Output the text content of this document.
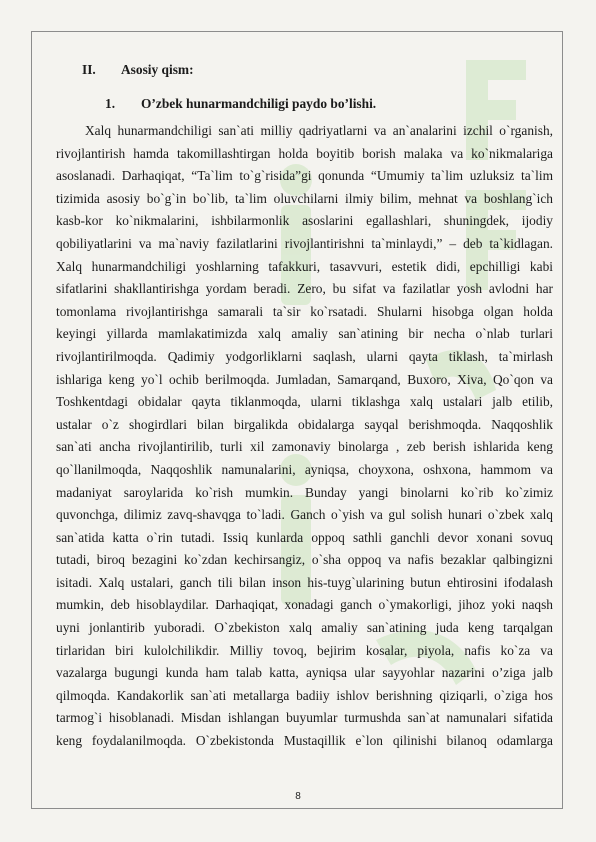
II. Asosiy qism:
1. O’zbek hunarmandchiligi paydo bo’lishi.
Xalq hunarmandchiligi san`ati milliy qadriyatlarni va an`analarini izchil o`rganish,
rivojlantirish hamda takomillashtirgan holda boyitib borish malaka va ko`nikmalariga
asoslanadi. Darhaqiqat, “Ta`lim to`g`risida”gi qonunda “Umumiy ta`lim uzluksiz ta`lim
tizimida asosiy bo`g`in bo`lib, ta`lim oluvchilarni ilmiy bilim, mehnat va boshlang`ich
kasb-kor ko`nikmalarini, ishbilarmonlik asoslarini egallashlari, shuningdek, ijodiy
qobiliyatlarini va ma`naviy fazilatlarini rivojlantirishni ta`minlaydi,” – deb ta`kidlagan.
Xalq hunarmandchiligi yoshlarning tafakkuri, tasavvuri, estetik didi, epchilligi kabi
sifatlarini shakllantirishga yordam beradi. Zero, bu sifat va fazilatlar yosh avlodni har
tomonlama rivojlantirishga samarali ta`sir ko`rsatadi. Shularni hisobga olgan holda
keyingi yillarda mamlakatimizda xalq amaliy san`atining bir necha o`nlab turlari
rivojlantirilmoqda. Qadimiy yodgorliklarni saqlash, ularni qayta tiklash, ta`mirlash
ishlariga keng yo`l ochib berilmoqda. Jumladan, Samarqand, Buxoro, Xiva, Qo`qon va
Toshkentdagi obidalar qayta tiklanmoqda, ularni tiklashga xalq ustalari jalb etilib,
ustalar o`z shogirdlari bilan birgalikda obidalarga sayqal berishmoqda. Naqqoshlik
san`ati ancha rivojlantirilib, turli xil zamonaviy binolarga , zeb berish ishlarida keng
qo`llanilmoqda, Naqqoshlik namunalarini, ayniqsa, choyxona, oshxona, hammom va
madaniyat saroylarida ko`rish mumkin. Bunday yangi binolarni ko`rib ko`zimiz
quvonchga, dilimiz zavq-shavqga to`ladi. Ganch o`yish va gul solish hunari o`zbek xalq
san`atida katta o`rin tutadi. Issiq kunlarda oppoq sathli ganchli devor xonani sovuq
tutadi, biroq bezagini ko`zdan kechirsangiz, o`sha oppoq va nafis bezaklar qalbingizni
isitadi. Xalq ustalari, ganch tili bilan inson his-tuyg`ularining butun ehtirosini ifodalash
mumkin, deb hisoblaydilar. Darhaqiqat, xonadagi ganch o`ymakorligi, jihoz yoki naqsh
uyni jonlantirib yuboradi. O`zbekiston xalq amaliy san`atining juda keng tarqalgan
tirlaridan biri kulolchilikdir. Milliy tovoq, bejirim kosalar, piyola, nafis ko`za va
vazalarga bugungi kunda ham talab katta, ayniqsa ular sayyohlar nazarini o’ziga jalb
qilmoqda. Kandakorlik san`ati metallarga badiiy ishlov berishning qiziqarli, o`ziga hos
tarmog`i hisoblanadi. Misdan ishlangan buyumlar turmushda san`at namunalari sifatida
keng foydalanilmoqda. O`zbekistonda Mustaqillik e`lon qilinishi bilanoq odamlarga
8
